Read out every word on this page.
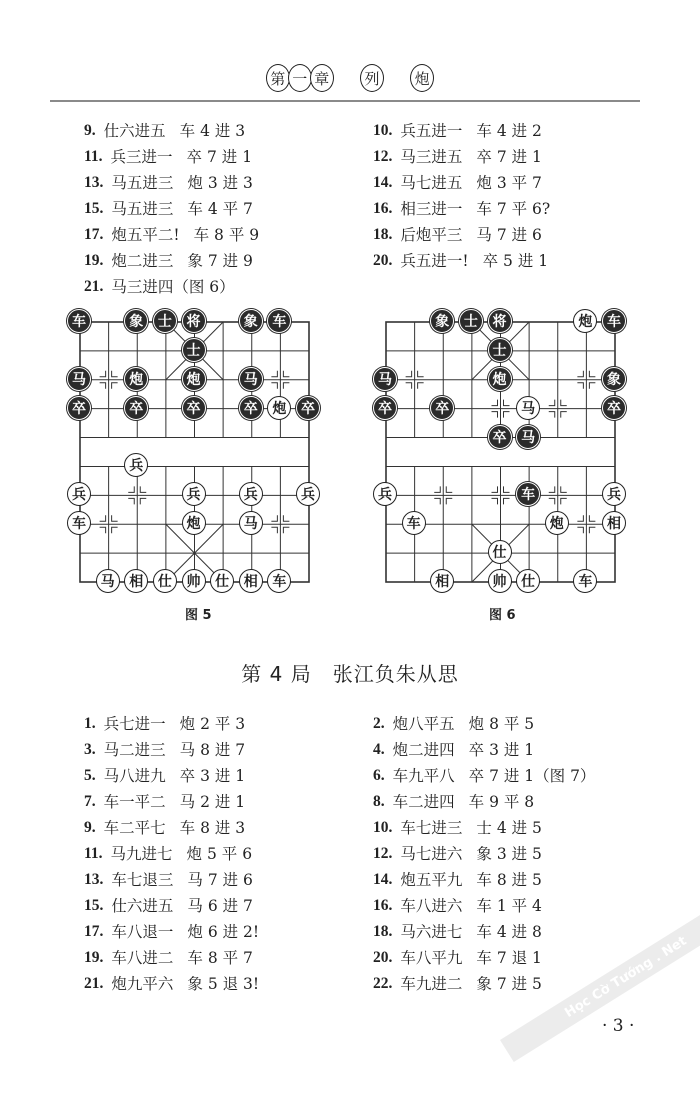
第 一 章	列 炮
9. 仕六进五 车 4 进 3
11. 兵三进一 卒 7 进 1
13. 马五进三 炮 3 进 3
15. 马五进三 车 4 平 7
17. 炮五平二! 车 8 平 9
19. 炮二进三 象 7 进 9
21. 马三进四（图 6）
10. 兵五进一 车 4 进 2
12. 马三进五 卒 7 进 1
14. 马七进五 炮 3 平 7
16. 相三进一 车 7 平 6?
18. 后炮平三 马 7 进 6
20. 兵五进一! 卒 5 进 1
车	象	士	将	象	车
士
马	炮	炮	马
卒	卒	卒	卒	炮	卒
兵
兵	兵	兵	兵
车	炮	马
马	相	仕	帅	仕	相	车
图 5
象	士	将	炮	车
士
马	炮	象
卒	卒	马	卒
卒	马
兵	车	兵
车	炮	相
仕
相	帅	仕	车
图 6
第 4 局　张江负朱从思
1. 兵七进一 炮 2 平 3
3. 马二进三 马 8 进 7
5. 马八进九 卒 3 进 1
7. 车一平二 马 2 进 1
9. 车二平七 车 8 进 3
11. 马九进七 炮 5 平 6
13. 车七退三 马 7 进 6
15. 仕六进五 马 6 进 7
17. 车八退一 炮 6 进 2!
19. 车八进二 车 8 平 7
21. 炮九平六 象 5 退 3!
2. 炮八平五 炮 8 平 5
4. 炮二进四 卒 3 进 1
6. 车九平八 卒 7 进 1（图 7）
8. 车二进四 车 9 平 8
10. 车七进三 士 4 进 5
12. 马七进六 象 3 进 5
14. 炮五平九 车 8 进 5
16. 车八进六 车 1 平 4
18. 马六进七 车 4 进 8
20. 车八平九 车 7 退 1
22. 车九进二 象 7 进 5
· 3 ·
Học Cờ Tướng . Net
